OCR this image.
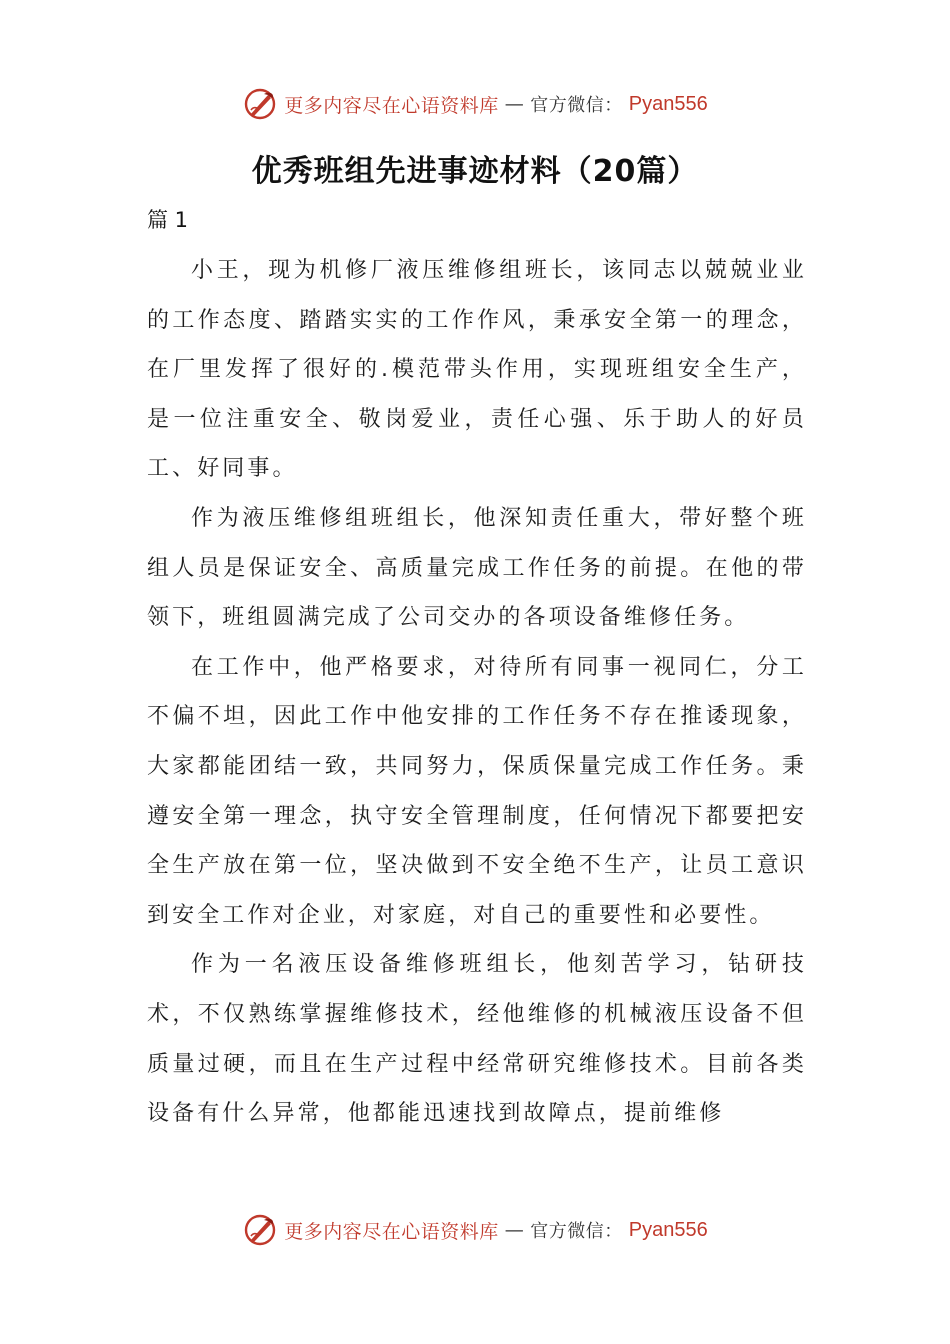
更多内容尽在心语资料库 — 官方微信： Pyan556
优秀班组先进事迹材料（20篇）
篇 1

小王，现为机修厂液压维修组班长，该同志以兢兢业业的工作态度、踏踏实实的工作作风，秉承安全第一的理念，在厂里发挥了很好的.模范带头作用，实现班组安全生产，是一位注重安全、敬岗爱业，责任心强、乐于助人的好员工、好同事。

作为液压维修组班组长，他深知责任重大，带好整个班组人员是保证安全、高质量完成工作任务的前提。在他的带领下，班组圆满完成了公司交办的各项设备维修任务。

在工作中，他严格要求，对待所有同事一视同仁，分工不偏不坦，因此工作中他安排的工作任务不存在推诿现象，大家都能团结一致，共同努力，保质保量完成工作任务。秉遵安全第一理念，执守安全管理制度，任何情况下都要把安全生产放在第一位，坚决做到不安全绝不生产，让员工意识到安全工作对企业，对家庭，对自己的重要性和必要性。

作为一名液压设备维修班组长，他刻苦学习，钻研技术，不仅熟练掌握维修技术，经他维修的机械液压设备不但质量过硬，而且在生产过程中经常研究维修技术。目前各类设备有什么异常，他都能迅速找到故障点，提前维修

更多内容尽在心语资料库 — 官方微信： Pyan556
